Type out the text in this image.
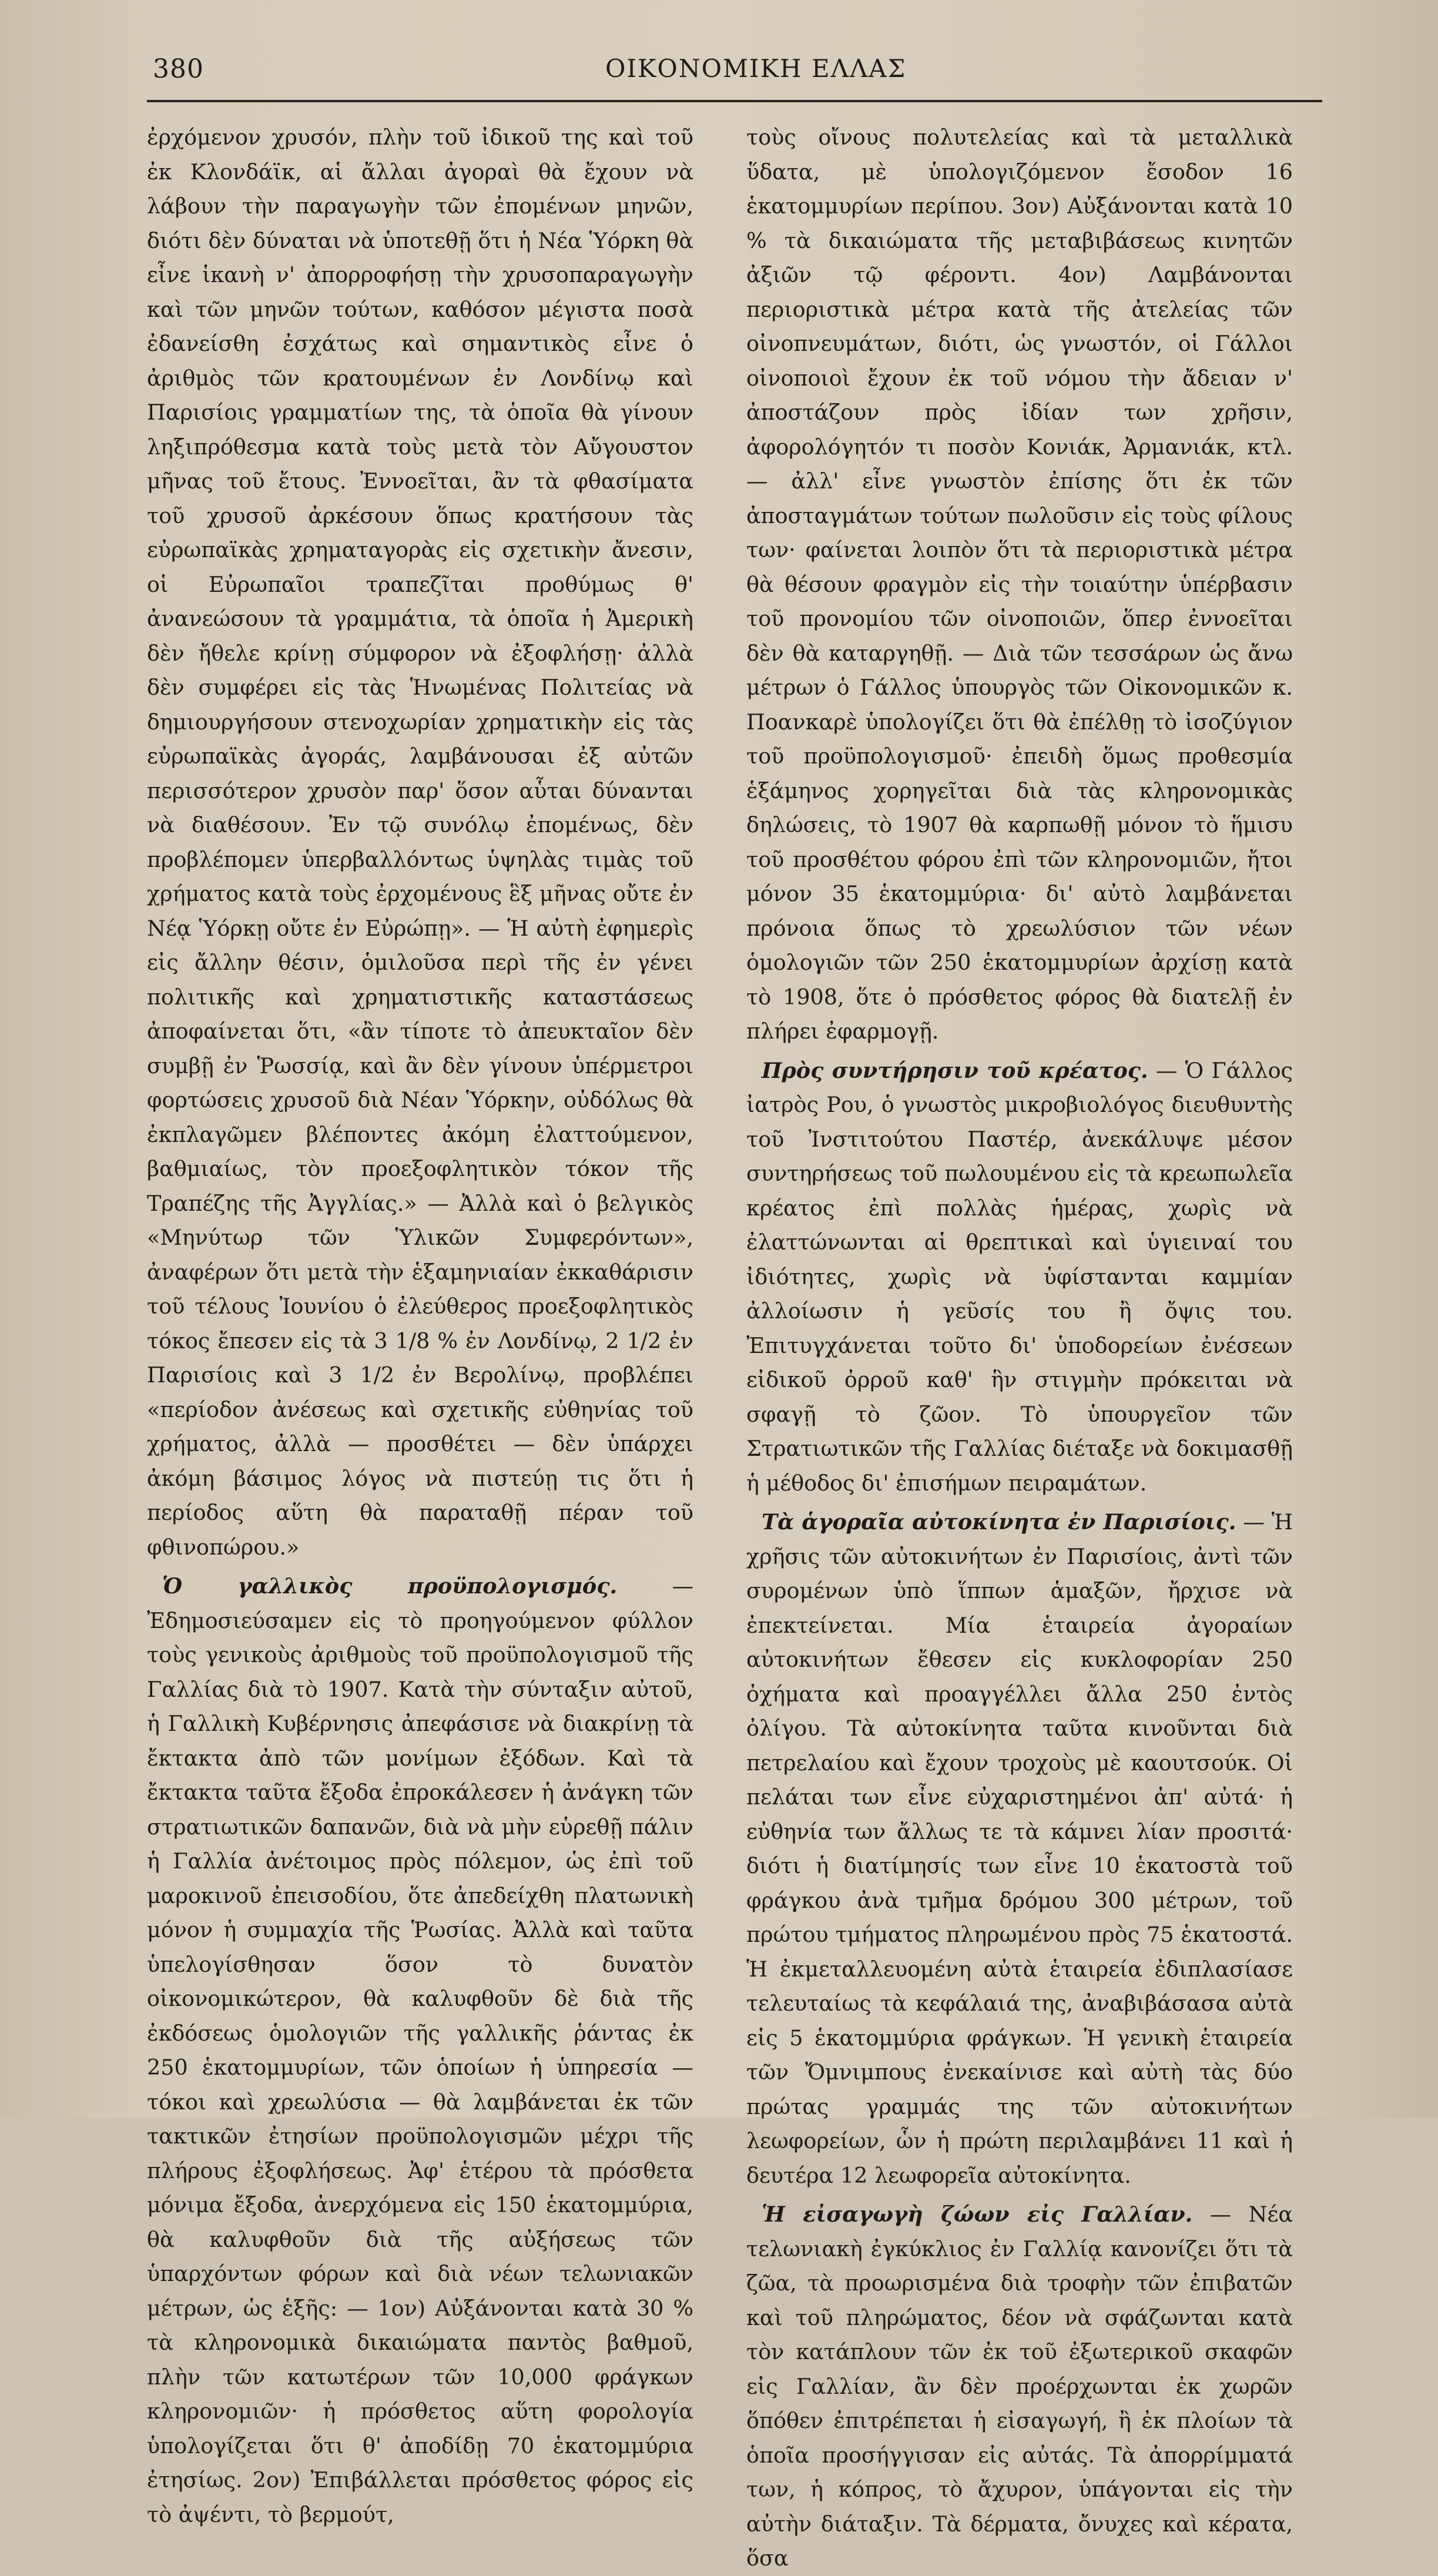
380	ΟΙΚΟΝΟΜΙΚΗ ΕΛΛΑΣ

ἐρχόμενον χρυσόν, πλὴν τοῦ ἰδικοῦ της καὶ τοῦ ἐκ Κλονδάϊκ, αἱ ἄλλαι ἀγοραὶ θὰ ἔχουν νὰ λάβουν τὴν παραγωγὴν τῶν ἐπομένων μηνῶν, διότι δὲν δύναται νὰ ὑποτεθῇ ὅτι ἡ Νέα Ὑόρκη θὰ εἶνε ἱκανὴ ν' ἀπορροφήσῃ τὴν χρυσοπαραγωγὴν καὶ τῶν μηνῶν τούτων, καθόσον μέγιστα ποσὰ ἐδανείσθη ἐσχάτως καὶ σημαντικὸς εἶνε ὁ ἀριθμὸς τῶν κρατουμένων ἐν Λονδίνῳ καὶ Παρισίοις γραμματίων της, τὰ ὁποῖα θὰ γίνουν ληξιπρόθεσμα κατὰ τοὺς μετὰ τὸν Αὔγουστον μῆνας τοῦ ἔτους. Ἐννοεῖται, ἂν τὰ φθασίματα τοῦ χρυσοῦ ἀρκέσουν ὅπως κρατήσουν τὰς εὐρωπαϊκὰς χρηματαγορὰς εἰς σχετικὴν ἄνεσιν, οἱ Εὐρωπαῖοι τραπεζῖται προθύμως θ' ἀνανεώσουν τὰ γραμμάτια, τὰ ὁποῖα ἡ Ἀμερικὴ δὲν ἤθελε κρίνῃ σύμφορον νὰ ἐξοφλήσῃ· ἀλλὰ δὲν συμφέρει εἰς τὰς Ἡνωμένας Πολιτείας νὰ δημιουργήσουν στενοχωρίαν χρηματικὴν εἰς τὰς εὐρωπαϊκὰς ἀγοράς, λαμβάνουσαι ἐξ αὐτῶν περισσότερον χρυσὸν παρ' ὅσον αὗται δύνανται νὰ διαθέσουν. Ἐν τῷ συνόλῳ ἐπομένως, δὲν προβλέπομεν ὑπερβαλλόντως ὑψηλὰς τιμὰς τοῦ χρήματος κατὰ τοὺς ἐρχομένους ἓξ μῆνας οὔτε ἐν Νέᾳ Ὑόρκῃ οὔτε ἐν Εὐρώπῃ». — Ἡ αὐτὴ ἐφημερὶς εἰς ἄλλην θέσιν, ὁμιλοῦσα περὶ τῆς ἐν γένει πολιτικῆς καὶ χρηματιστικῆς καταστάσεως ἀποφαίνεται ὅτι, «ἂν τίποτε τὸ ἀπευκταῖον δὲν συμβῇ ἐν Ῥωσσίᾳ, καὶ ἂν δὲν γίνουν ὑπέρμετροι φορτώσεις χρυσοῦ διὰ Νέαν Ὑόρκην, οὐδόλως θὰ ἐκπλαγῶμεν βλέποντες ἀκόμη ἐλαττούμενον, βαθμιαίως, τὸν προεξοφλητικὸν τόκον τῆς Τραπέζης τῆς Ἀγγλίας.» — Ἀλλὰ καὶ ὁ βελγικὸς «Μηνύτωρ τῶν Ὑλικῶν Συμφερόντων», ἀναφέρων ὅτι μετὰ τὴν ἑξαμηνιαίαν ἐκκαθάρισιν τοῦ τέλους Ἰουνίου ὁ ἐλεύθερος προεξοφλητικὸς τόκος ἔπεσεν εἰς τὰ 3 1/8 % ἐν Λονδίνῳ, 2 1/2 ἐν Παρισίοις καὶ 3 1/2 ἐν Βερολίνῳ, προβλέπει «περίοδον ἀνέσεως καὶ σχετικῆς εὐθηνίας τοῦ χρήματος, ἀλλὰ — προσθέτει — δὲν ὑπάρχει ἀκόμη βάσιμος λόγος νὰ πιστεύῃ τις ὅτι ἡ περίοδος αὕτη θὰ παραταθῇ πέραν τοῦ φθινοπώρου.»

Ὁ γαλλικὸς προϋπολογισμός.	— Ἐδημοσιεύσαμεν εἰς τὸ προηγούμενον φύλλον τοὺς γενικοὺς ἀριθμοὺς τοῦ προϋπολογισμοῦ τῆς Γαλλίας διὰ τὸ 1907. Κατὰ τὴν σύνταξιν αὐτοῦ, ἡ Γαλλικὴ Κυβέρνησις ἀπεφάσισε νὰ διακρίνῃ τὰ ἔκτακτα ἀπὸ τῶν μονίμων ἐξόδων. Καὶ τὰ ἔκτακτα ταῦτα ἔξοδα ἐπροκάλεσεν ἡ ἀνάγκη τῶν στρατιωτικῶν δαπανῶν, διὰ νὰ μὴν εὑρεθῇ πάλιν ἡ Γαλλία ἀνέτοιμος πρὸς πόλεμον, ὡς ἐπὶ τοῦ μαροκινοῦ ἐπεισοδίου, ὅτε ἀπεδείχθη πλατωνικὴ μόνον ἡ συμμαχία τῆς Ῥωσίας. Ἀλλὰ καὶ ταῦτα ὑπελογίσθησαν ὅσον τὸ δυνατὸν οἰκονομικώτερον, θὰ καλυφθοῦν δὲ διὰ τῆς ἐκδόσεως ὁμολογιῶν τῆς γαλλικῆς ῥάντας ἐκ 250 ἑκατομμυρίων, τῶν ὁποίων ἡ ὑπηρεσία — τόκοι καὶ χρεωλύσια — θὰ λαμβάνεται ἐκ τῶν τακτικῶν ἐτησίων προϋπολογισμῶν μέχρι τῆς πλήρους ἐξοφλήσεως. Ἀφ' ἑτέρου τὰ πρόσθετα μόνιμα ἔξοδα, ἀνερχόμενα εἰς 150 ἑκατομμύρια, θὰ καλυφθοῦν διὰ τῆς αὐξήσεως τῶν ὑπαρχόντων φόρων καὶ διὰ νέων τελωνιακῶν μέτρων, ὡς ἑξῆς: — 1ον) Αὐξάνονται κατὰ 30 % τὰ κληρονομικὰ δικαιώματα παντὸς βαθμοῦ, πλὴν τῶν κατωτέρων τῶν 10,000 φράγκων κληρονομιῶν· ἡ πρόσθετος αὕτη φορολογία ὑπολογίζεται ὅτι θ' ἀποδίδῃ 70 ἑκατομμύρια ἐτησίως. 2ον) Ἐπιβάλλεται πρόσθετος φόρος εἰς τὸ ἀψέντι, τὸ βερμούτ,

τοὺς οἴνους πολυτελείας καὶ τὰ μεταλλικὰ ὕδατα, μὲ ὑπολογιζόμενον ἔσοδον 16 ἑκατομμυρίων περίπου. 3ον) Αὐξάνονται κατὰ 10 % τὰ δικαιώματα τῆς μεταβιβάσεως κινητῶν ἀξιῶν τῷ φέροντι. 4ον) Λαμβάνονται περιοριστικὰ μέτρα κατὰ τῆς ἀτελείας τῶν οἰνοπνευμάτων, διότι, ὡς γνωστόν, οἱ Γάλλοι οἰνοποιοὶ ἔχουν ἐκ τοῦ νόμου τὴν ἄδειαν ν' ἀποστάζουν πρὸς ἰδίαν των χρῆσιν, ἀφορολόγητόν τι ποσὸν Κονιάκ, Ἀρμανιάκ, κτλ. — ἀλλ' εἶνε γνωστὸν ἐπίσης ὅτι ἐκ τῶν ἀποσταγμάτων τούτων πωλοῦσιν εἰς τοὺς φίλους των· φαίνεται λοιπὸν ὅτι τὰ περιοριστικὰ μέτρα θὰ θέσουν φραγμὸν εἰς τὴν τοιαύτην ὑπέρβασιν τοῦ προνομίου τῶν οἰνοποιῶν, ὅπερ ἐννοεῖται δὲν θὰ καταργηθῇ. — Διὰ τῶν τεσσάρων ὡς ἄνω μέτρων ὁ Γάλλος ὑπουργὸς τῶν Οἰκονομικῶν κ. Ποανκαρὲ ὑπολογίζει ὅτι θὰ ἐπέλθῃ τὸ ἰσοζύγιον τοῦ προϋπολογισμοῦ· ἐπειδὴ ὅμως προθεσμία ἑξάμηνος χορηγεῖται διὰ τὰς κληρονομικὰς δηλώσεις, τὸ 1907 θὰ καρπωθῇ μόνον τὸ ἥμισυ τοῦ προσθέτου φόρου ἐπὶ τῶν κληρονομιῶν, ἤτοι μόνον 35 ἑκατομμύρια· δι' αὐτὸ λαμβάνεται πρόνοια ὅπως τὸ χρεωλύσιον τῶν νέων ὁμολογιῶν τῶν 250 ἑκατομμυρίων ἀρχίσῃ κατὰ τὸ 1908, ὅτε ὁ πρόσθετος φόρος θὰ διατελῇ ἐν πλήρει ἐφαρμογῇ.

Πρὸς συντήρησιν τοῦ κρέατος. — Ὁ Γάλλος ἰατρὸς Ρου, ὁ γνωστὸς μικροβιολόγος διευθυντὴς τοῦ Ἰνστιτούτου Παστέρ, ἀνεκάλυψε μέσον συντηρήσεως τοῦ πωλουμένου εἰς τὰ κρεωπωλεῖα κρέατος ἐπὶ πολλὰς ἡμέρας, χωρὶς νὰ ἐλαττώνωνται αἱ θρεπτικαὶ καὶ ὑγιειναί του ἰδιότητες, χωρὶς νὰ ὑφίστανται καμμίαν ἀλλοίωσιν ἡ γεῦσίς του ἢ ὄψις του. Ἐπιτυγχάνεται τοῦτο δι' ὑποδορείων ἐνέσεων εἰδικοῦ ὀρροῦ καθ' ἣν στιγμὴν πρόκειται νὰ σφαγῇ τὸ ζῶον. Τὸ ὑπουργεῖον τῶν Στρατιωτικῶν τῆς Γαλλίας διέταξε νὰ δοκιμασθῇ ἡ μέθοδος δι' ἐπισήμων πειραμάτων.

Τὰ ἁγοραῖα αὐτοκίνητα ἐν Παρισίοις. — Ἡ χρῆσις τῶν αὐτοκινήτων ἐν Παρισίοις, ἀντὶ τῶν συρομένων ὑπὸ ἵππων ἁμαξῶν, ἤρχισε νὰ ἐπεκτείνεται. Μία ἑταιρεία ἀγοραίων αὐτοκινήτων ἔθεσεν εἰς κυκλοφορίαν 250 ὀχήματα καὶ προαγγέλλει ἄλλα 250 ἐντὸς ὀλίγου. Τὰ αὐτοκίνητα ταῦτα κινοῦνται διὰ πετρελαίου καὶ ἔχουν τροχοὺς μὲ καουτσούκ. Οἱ πελάται των εἶνε εὐχαριστημένοι ἀπ' αὐτά· ἡ εὐθηνία των ἄλλως τε τὰ κάμνει λίαν προσιτά· διότι ἡ διατίμησίς των εἶνε 10 ἑκατοστὰ τοῦ φράγκου ἀνὰ τμῆμα δρόμου 300 μέτρων, τοῦ πρώτου τμήματος πληρωμένου πρὸς 75 ἑκατοστά. Ἡ ἐκμεταλλευομένη αὐτὰ ἑταιρεία ἐδιπλασίασε τελευταίως τὰ κεφάλαιά της, ἀναβιβάσασα αὐτὰ εἰς 5 ἑκατομμύρια φράγκων. Ἡ γενικὴ ἑταιρεία τῶν Ὄμνιμπους ἐνεκαίνισε καὶ αὐτὴ τὰς δύο πρώτας γραμμάς της τῶν αὐτοκινήτων λεωφορείων, ὧν ἡ πρώτη περιλαμβάνει 11 καὶ ἡ δευτέρα 12 λεωφορεῖα αὐτοκίνητα.

Ἡ εἰσαγωγὴ ζώων εἰς Γαλλίαν. — Νέα τελωνιακὴ ἐγκύκλιος ἐν Γαλλίᾳ κανονίζει ὅτι τὰ ζῶα, τὰ προωρισμένα διὰ τροφὴν τῶν ἐπιβατῶν καὶ τοῦ πληρώματος, δέον νὰ σφάζωνται κατὰ τὸν κατάπλουν τῶν ἐκ τοῦ ἐξωτερικοῦ σκαφῶν εἰς Γαλλίαν, ἂν δὲν προέρχωνται ἐκ χωρῶν ὅπόθεν ἐπιτρέπεται ἡ εἰσαγωγή, ἢ ἐκ πλοίων τὰ ὁποῖα προσήγγισαν εἰς αὐτάς. Τὰ ἀπορρίμματά των, ἡ κόπρος, τὸ ἄχυρον, ὑπάγονται εἰς τὴν αὐτὴν διάταξιν. Τὰ δέρματα, ὄνυχες καὶ κέρατα, ὅσα
